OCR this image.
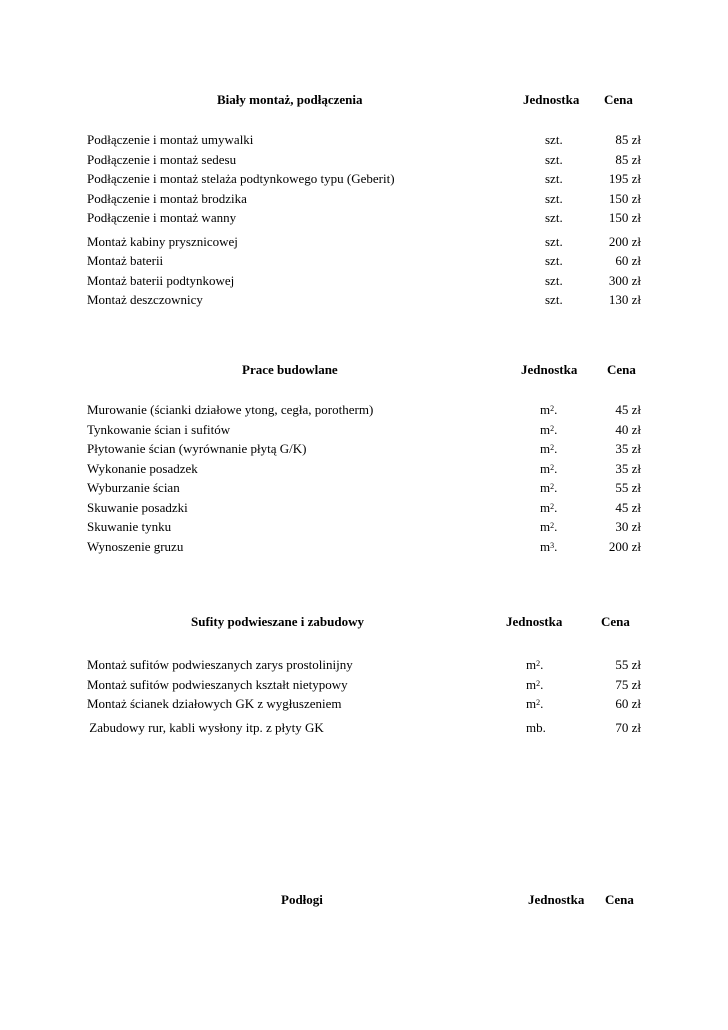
Biały montaż, podłączenia	Jednostka Cena
Podłączenie i montaż umywalki	szt.	85 zł
Podłączenie i montaż sedesu	szt.	85 zł
Podłączenie i montaż stelaża podtynkowego typu (Geberit)	szt.	195 zł
Podłączenie i montaż brodzika	szt.	150 zł
Podłączenie i montaż wanny	szt.	150 zł
Montaż kabiny prysznicowej	szt.	200 zł
Montaż baterii	szt.	60 zł
Montaż baterii podtynkowej	szt.	300 zł
Montaż deszczownicy	szt.	130 zł
Prace budowlane	Jednostka Cena
Murowanie (ścianki działowe ytong, cegła, porotherm)	$m^2$.	45 zł
Tynkowanie ścian i sufitów	$m^2$.	40 zł
Płytowanie ścian (wyrównanie płytą G/K)	$m^2$.	35 zł
Wykonanie posadzek	$m^2$.	35 zł
Wyburzanie ścian	$m^2$.	55 zł
Skuwanie posadzki	$m^2$.	45 zł
Skuwanie tynku	$m^2$.	30 zł
Wynoszenie gruzu	$m^3$.	200 zł
Sufity podwieszane i zabudowy	Jednostka	Cena
Montaż sufitów podwieszanych zarys prostolinijny	$m^2$.	55 zł
Montaż sufitów podwieszanych kształt nietypowy	$m^2$.	75 zł
Montaż ścianek działowych GK z wygłuszeniem	$m^2$.	60 zł
Zabudowy rur, kabli wysłony itp. z płyty GK	mb.	70 zł
Podłogi	Jednostka Cena
